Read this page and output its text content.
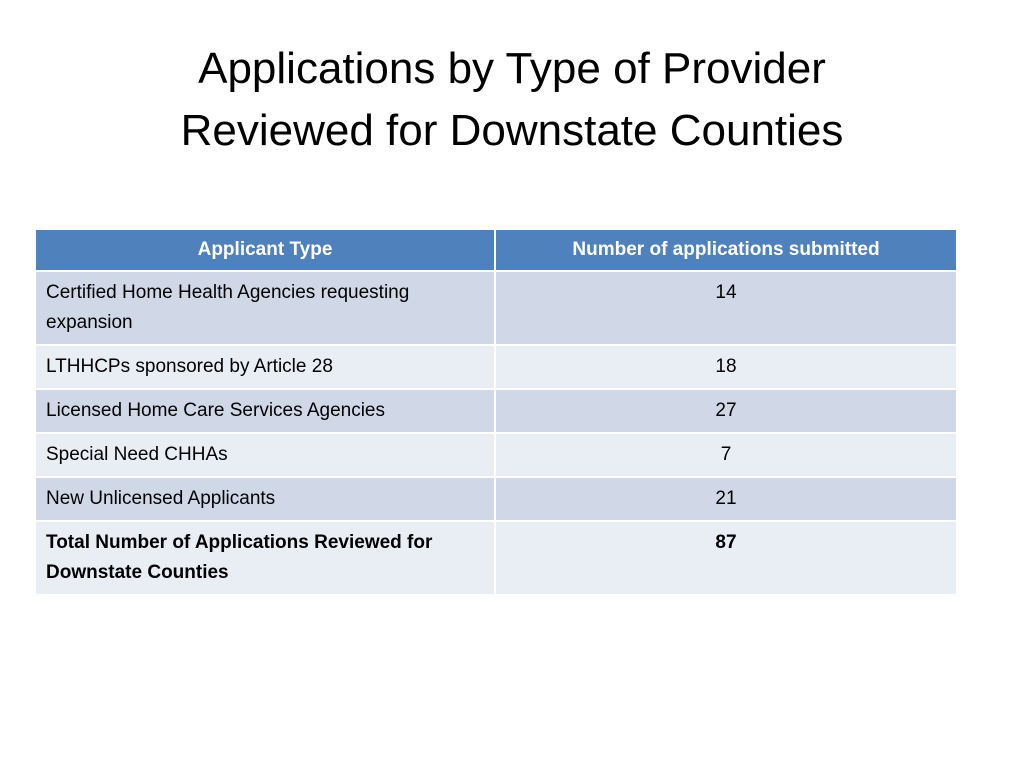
Applications by Type of Provider
Reviewed for Downstate Counties
Applicant Type	Number of applications submitted
Certified Home Health Agencies requesting expansion	14
LTHHCPs sponsored by Article 28	18
Licensed Home Care Services Agencies	27
Special Need CHHAs	7
New Unlicensed Applicants	21
Total Number of Applications Reviewed for Downstate Counties	87
